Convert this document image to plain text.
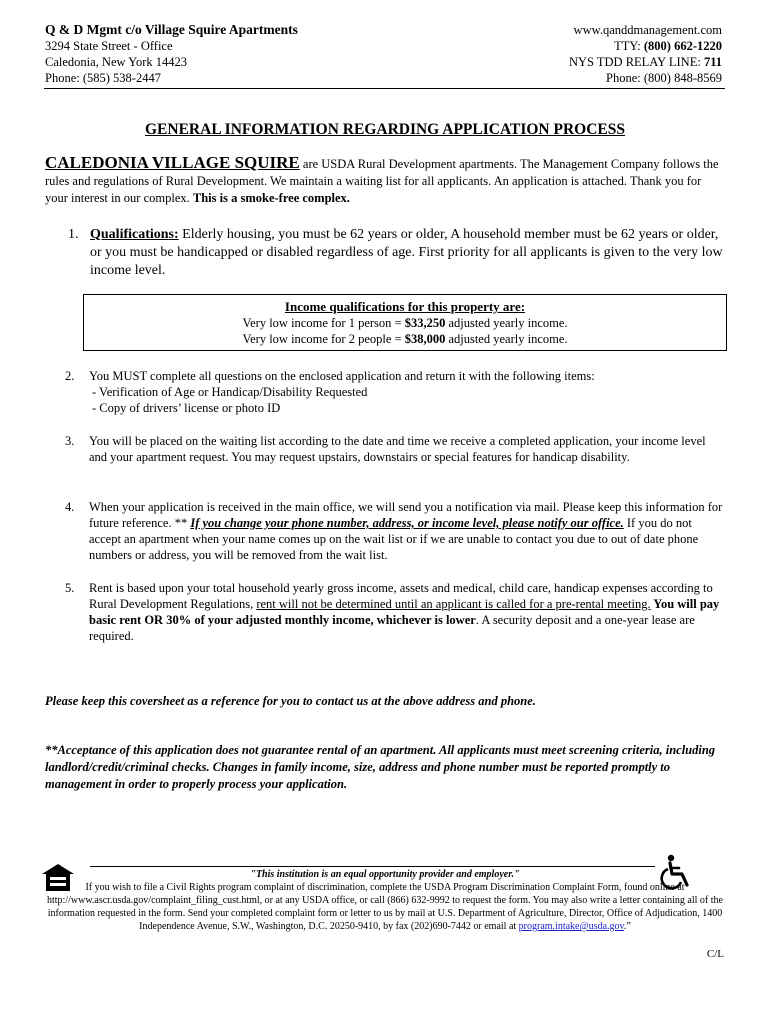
Q & D Mgmt c/o Village Squire Apartments
3294 State Street - Office
Caledonia, New York 14423
Phone: (585) 538-2447
www.qanddmanagement.com
TTY: (800) 662-1220
NYS TDD RELAY LINE: 711
Phone: (800) 848-8569
GENERAL INFORMATION REGARDING APPLICATION PROCESS
CALEDONIA VILLAGE SQUIRE are USDA Rural Development apartments. The Management Company follows the rules and regulations of Rural Development. We maintain a waiting list for all applicants. An application is attached. Thank you for your interest in our complex. This is a smoke-free complex.
1. Qualifications: Elderly housing, you must be 62 years or older, A household member must be 62 years or older, or you must be handicapped or disabled regardless of age. First priority for all applicants is given to the very low income level.
Income qualifications for this property are:
Very low income for 1 person = $33,250 adjusted yearly income.
Very low income for 2 people = $38,000 adjusted yearly income.
2. You MUST complete all questions on the enclosed application and return it with the following items:
- Verification of Age or Handicap/Disability Requested
- Copy of drivers’ license or photo ID
3. You will be placed on the waiting list according to the date and time we receive a completed application, your income level and your apartment request. You may request upstairs, downstairs or special features for handicap disability.
4. When your application is received in the main office, we will send you a notification via mail. Please keep this information for future reference. ** If you change your phone number, address, or income level, please notify our office. If you do not accept an apartment when your name comes up on the wait list or if we are unable to contact you due to out of date phone numbers or address, you will be removed from the wait list.
5. Rent is based upon your total household yearly gross income, assets and medical, child care, handicap expenses according to Rural Development Regulations, rent will not be determined until an applicant is called for a pre-rental meeting. You will pay basic rent OR 30% of your adjusted monthly income, whichever is lower. A security deposit and a one-year lease are required.
Please keep this coversheet as a reference for you to contact us at the above address and phone.
**Acceptance of this application does not guarantee rental of an apartment. All applicants must meet screening criteria, including landlord/credit/criminal checks. Changes in family income, size, address and phone number must be reported promptly to management in order to properly process your application.
"This institution is an equal opportunity provider and employer."
If you wish to file a Civil Rights program complaint of discrimination, complete the USDA Program Discrimination Complaint Form, found online at http://www.ascr.usda.gov/complaint_filing_cust.html, or at any USDA office, or call (866) 632-9992 to request the form. You may also write a letter containing all of the information requested in the form. Send your completed complaint form or letter to us by mail at U.S. Department of Agriculture, Director, Office of Adjudication, 1400 Independence Avenue, S.W., Washington, D.C. 20250-9410, by fax (202)690-7442 or email at program.intake@usda.gov.”
C/L
